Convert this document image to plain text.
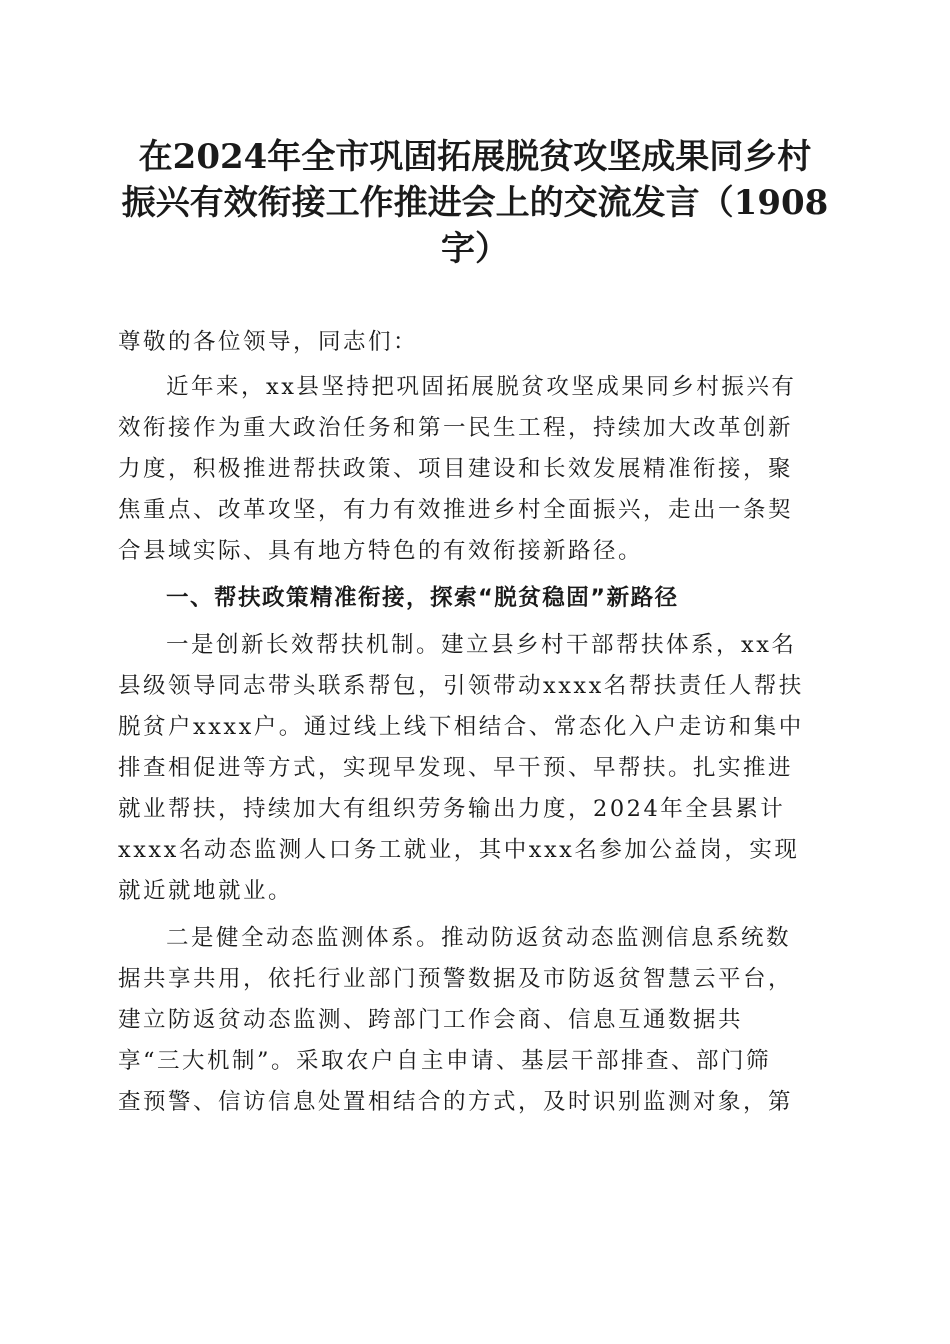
在2024年全市巩固拓展脱贫攻坚成果同乡村
振兴有效衔接工作推进会上的交流发言（1908
字）

尊敬的各位领导，同志们：

近年来，xx县坚持把巩固拓展脱贫攻坚成果同乡村振兴有
效衔接作为重大政治任务和第一民生工程，持续加大改革创新
力度，积极推进帮扶政策、项目建设和长效发展精准衔接，聚
焦重点、改革攻坚，有力有效推进乡村全面振兴，走出一条契
合县域实际、具有地方特色的有效衔接新路径。

一、帮扶政策精准衔接，探索“脱贫稳固”新路径

一是创新长效帮扶机制。建立县乡村干部帮扶体系，xx名
县级领导同志带头联系帮包，引领带动xxxx名帮扶责任人帮扶
脱贫户xxxx户。通过线上线下相结合、常态化入户走访和集中
排查相促进等方式，实现早发现、早干预、早帮扶。扎实推进
就业帮扶，持续加大有组织劳务输出力度，2024年全县累计
xxxx名动态监测人口务工就业，其中xxx名参加公益岗，实现
就近就地就业。

二是健全动态监测体系。推动防返贫动态监测信息系统数
据共享共用，依托行业部门预警数据及市防返贫智慧云平台，
建立防返贫动态监测、跨部门工作会商、信息互通数据共
享“三大机制”。采取农户自主申请、基层干部排查、部门筛
查预警、信访信息处置相结合的方式，及时识别监测对象，第
